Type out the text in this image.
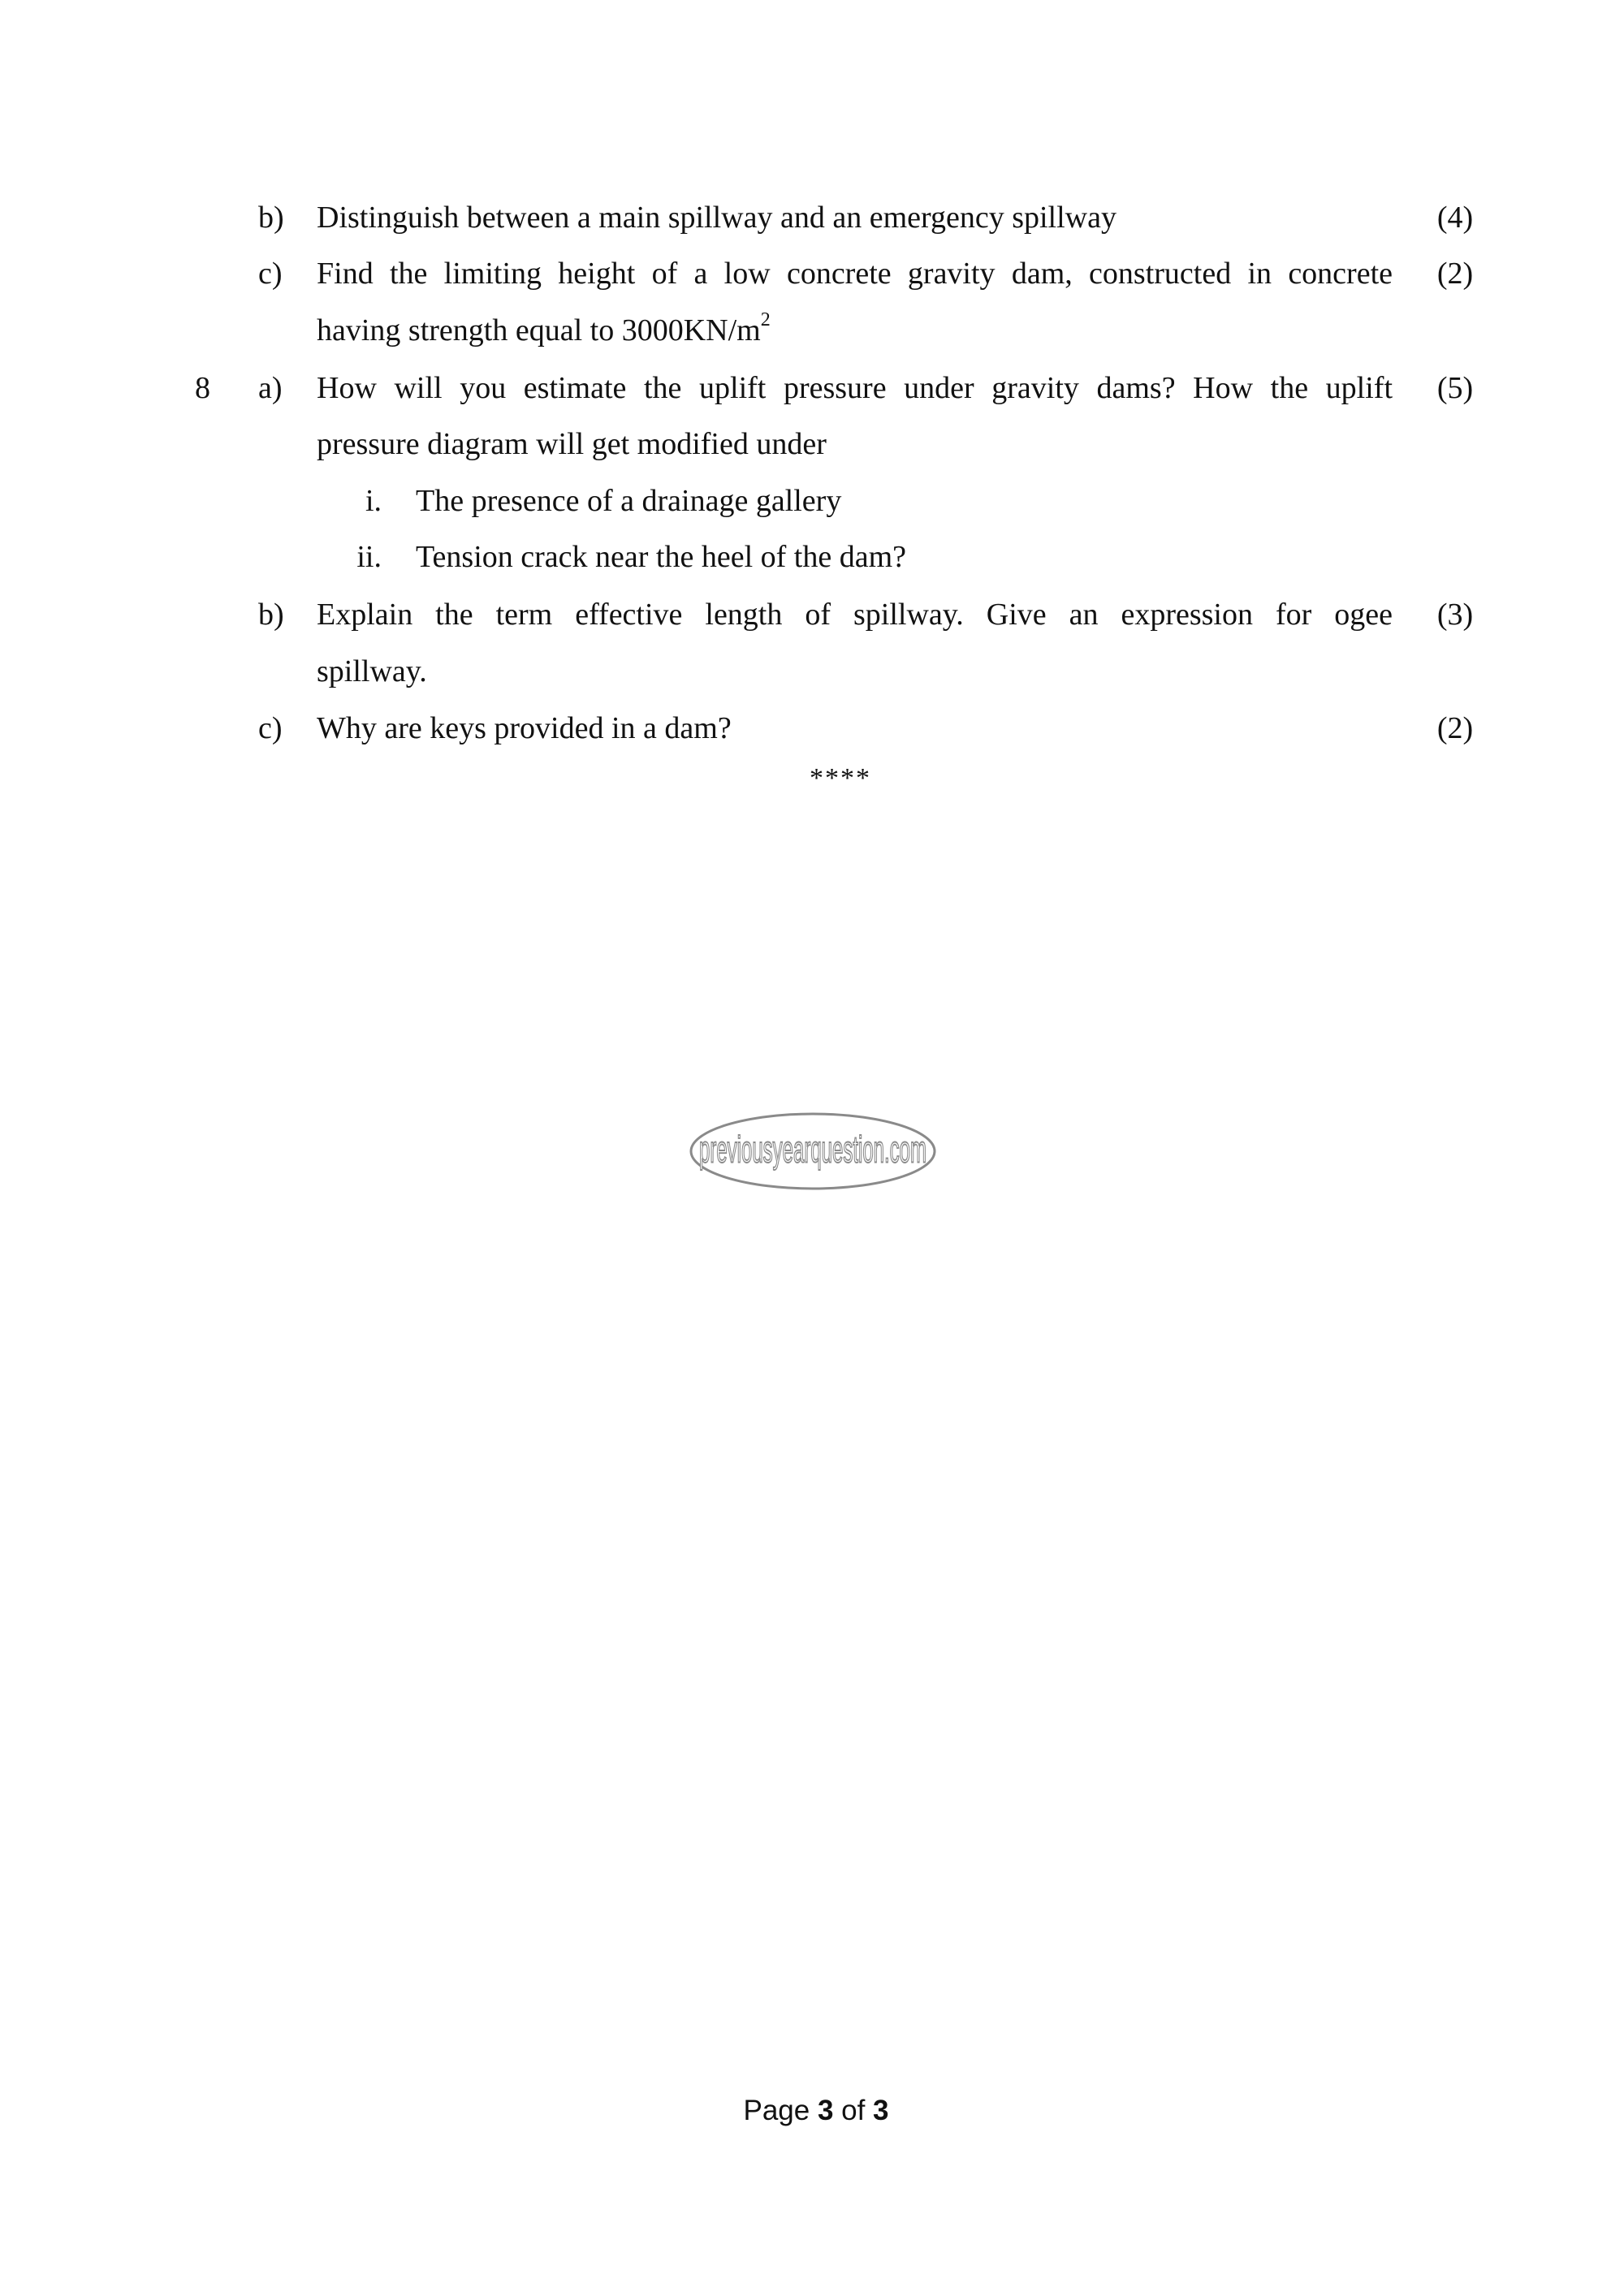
b)	Distinguish between a main spillway and an emergency spillway	(4)
c)	Find the limiting height of a low concrete gravity dam, constructed in concrete (2)
having strength equal to $3000KN/m^2$
8	a)	How will you estimate the uplift pressure under gravity dams? How the uplift (5)
pressure diagram will get modified under
i. The presence of a drainage gallery
ii. Tension crack near the heel of the dam?
b)	Explain the term effective length of spillway. Give an expression for ogee (3)
spillway.
c)	Why are keys provided in a dam?	(2)
****
previousyearquestion.com
Page 3 of 3
